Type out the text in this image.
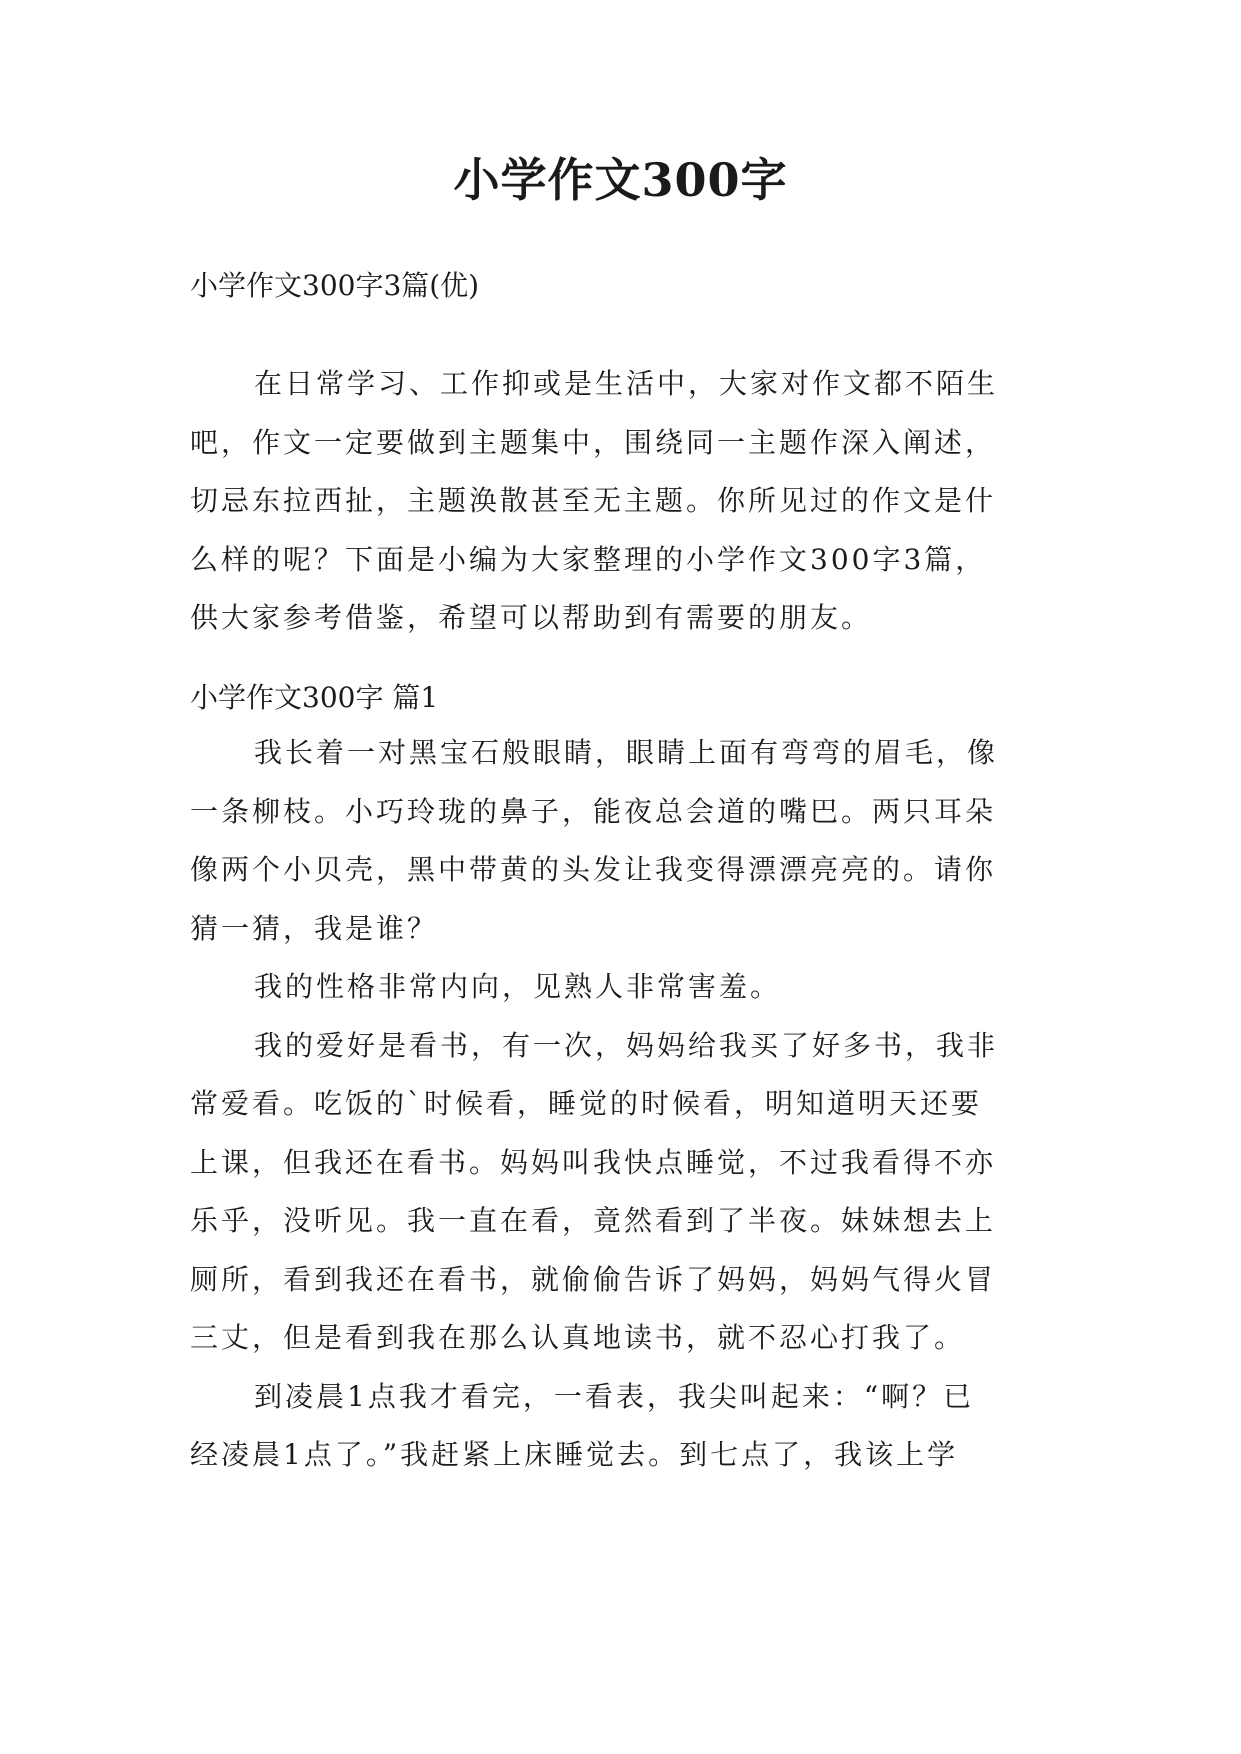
小学作文300字
小学作文300字3篇(优)
在日常学习、工作抑或是生活中，大家对作文都不陌生
吧，作文一定要做到主题集中，围绕同一主题作深入阐述，
切忌东拉西扯，主题涣散甚至无主题。你所见过的作文是什
么样的呢？下面是小编为大家整理的小学作文300字3篇，
供大家参考借鉴，希望可以帮助到有需要的朋友。
小学作文300字 篇1
我长着一对黑宝石般眼睛，眼睛上面有弯弯的眉毛，像
一条柳枝。小巧玲珑的鼻子，能夜总会道的嘴巴。两只耳朵
像两个小贝壳，黑中带黄的头发让我变得漂漂亮亮的。请你
猜一猜，我是谁？
我的性格非常内向，见熟人非常害羞。
我的爱好是看书，有一次，妈妈给我买了好多书，我非
常爱看。吃饭的`时候看，睡觉的时候看，明知道明天还要
上课，但我还在看书。妈妈叫我快点睡觉，不过我看得不亦
乐乎，没听见。我一直在看，竟然看到了半夜。妹妹想去上
厕所，看到我还在看书，就偷偷告诉了妈妈，妈妈气得火冒
三丈，但是看到我在那么认真地读书，就不忍心打我了。
到凌晨1点我才看完，一看表，我尖叫起来：“啊？已
经凌晨1点了。”我赶紧上床睡觉去。到七点了，我该上学
